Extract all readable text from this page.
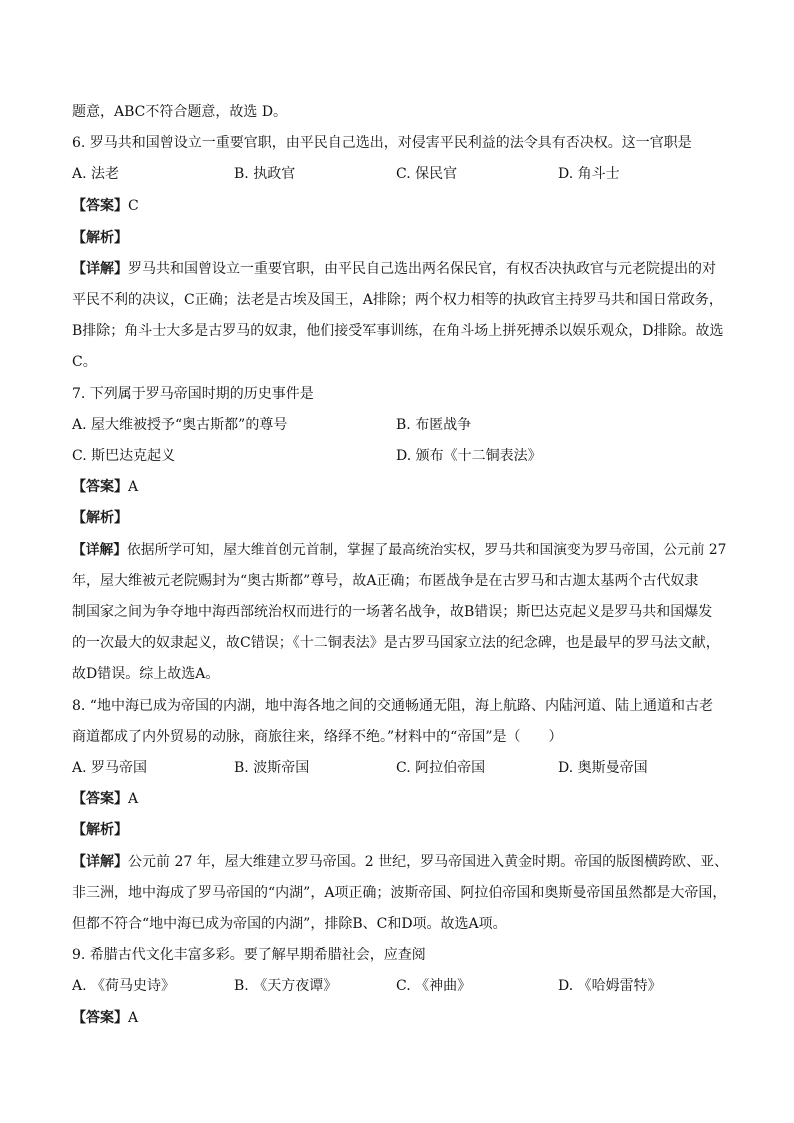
题意，ABC不符合题意，故选 D。
6. 罗马共和国曾设立一重要官职，由平民自己选出，对侵害平民利益的法令具有否决权。这一官职是
A. 法老	B. 执政官	C. 保民官	D. 角斗士
【答案】C
【解析】
【详解】罗马共和国曾设立一重要官职，由平民自己选出两名保民官，有权否决执政官与元老院提出的对
平民不利的决议，C正确；法老是古埃及国王，A排除；两个权力相等的执政官主持罗马共和国日常政务，
B排除；角斗士大多是古罗马的奴隶，他们接受军事训练，在角斗场上拼死搏杀以娱乐观众，D排除。故选
C。
7. 下列属于罗马帝国时期的历史事件是
A. 屋大维被授予“奥古斯都”的尊号	B. 布匿战争
C. 斯巴达克起义	D. 颁布《十二铜表法》
【答案】A
【解析】
【详解】依据所学可知，屋大维首创元首制，掌握了最高统治实权，罗马共和国演变为罗马帝国，公元前 27
年，屋大维被元老院赐封为“奥古斯都”尊号，故A正确；布匿战争是在古罗马和古迦太基两个古代奴隶
制国家之间为争夺地中海西部统治权而进行的一场著名战争，故B错误；斯巴达克起义是罗马共和国爆发
的一次最大的奴隶起义，故C错误；《十二铜表法》是古罗马国家立法的纪念碑，也是最早的罗马法文献，
故D错误。综上故选A。
8. “地中海已成为帝国的内湖，地中海各地之间的交通畅通无阻，海上航路、内陆河道、陆上通道和古老
商道都成了内外贸易的动脉，商旅往来，络绎不绝。”材料中的“帝国”是（　　）
A. 罗马帝国	B. 波斯帝国	C. 阿拉伯帝国	D. 奥斯曼帝国
【答案】A
【解析】
【详解】公元前 27 年，屋大维建立罗马帝国。2 世纪，罗马帝国进入黄金时期。帝国的版图横跨欧、亚、
非三洲，地中海成了罗马帝国的“内湖”，A项正确；波斯帝国、阿拉伯帝国和奥斯曼帝国虽然都是大帝国，
但都不符合“地中海已成为帝国的内湖”，排除B、C和D项。故选A项。
9. 希腊古代文化丰富多彩。要了解早期希腊社会，应查阅
A. 《荷马史诗》	B. 《天方夜谭》	C. 《神曲》	D. 《哈姆雷特》
【答案】A
